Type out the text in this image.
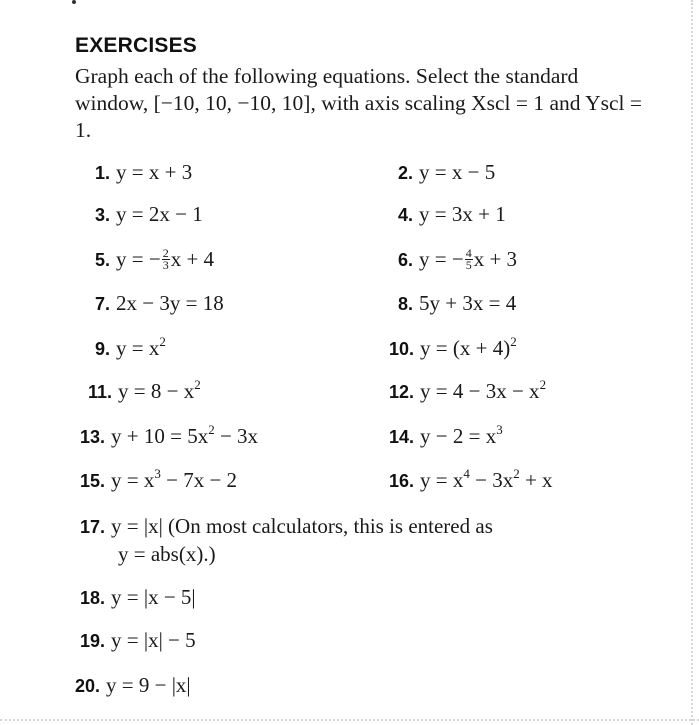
EXERCISES
Graph each of the following equations. Select the standard window, [−10, 10, −10, 10], with axis scaling Xscl = 1 and Yscl = 1.
1. y = x + 3	2. y = x − 5
3. y = 2x − 1	4. y = 3x + 1
5. y = − $\frac{2}{3}$ x + 4	6. y = − $\frac{4}{5}$ x + 3
7. 2x − 3y = 18	8. 5y + 3x = 4
9. $y = x^2$	10. $y = (x + 4)^2$
11. $y = 8 - x^2$	12. $y = 4 - 3x - x^2$
13. $y + 10 = 5x^2 - 3x$	14. $y - 2 = x^3$
15. $y = x^3 - 7x - 2$	16. $y = x^4 - 3x^2 + x$
17. y = |x| (On most calculators, this is entered as
y = abs(x).)
18. y = |x − 5|
19. y = |x| − 5
20. y = 9 − |x|
